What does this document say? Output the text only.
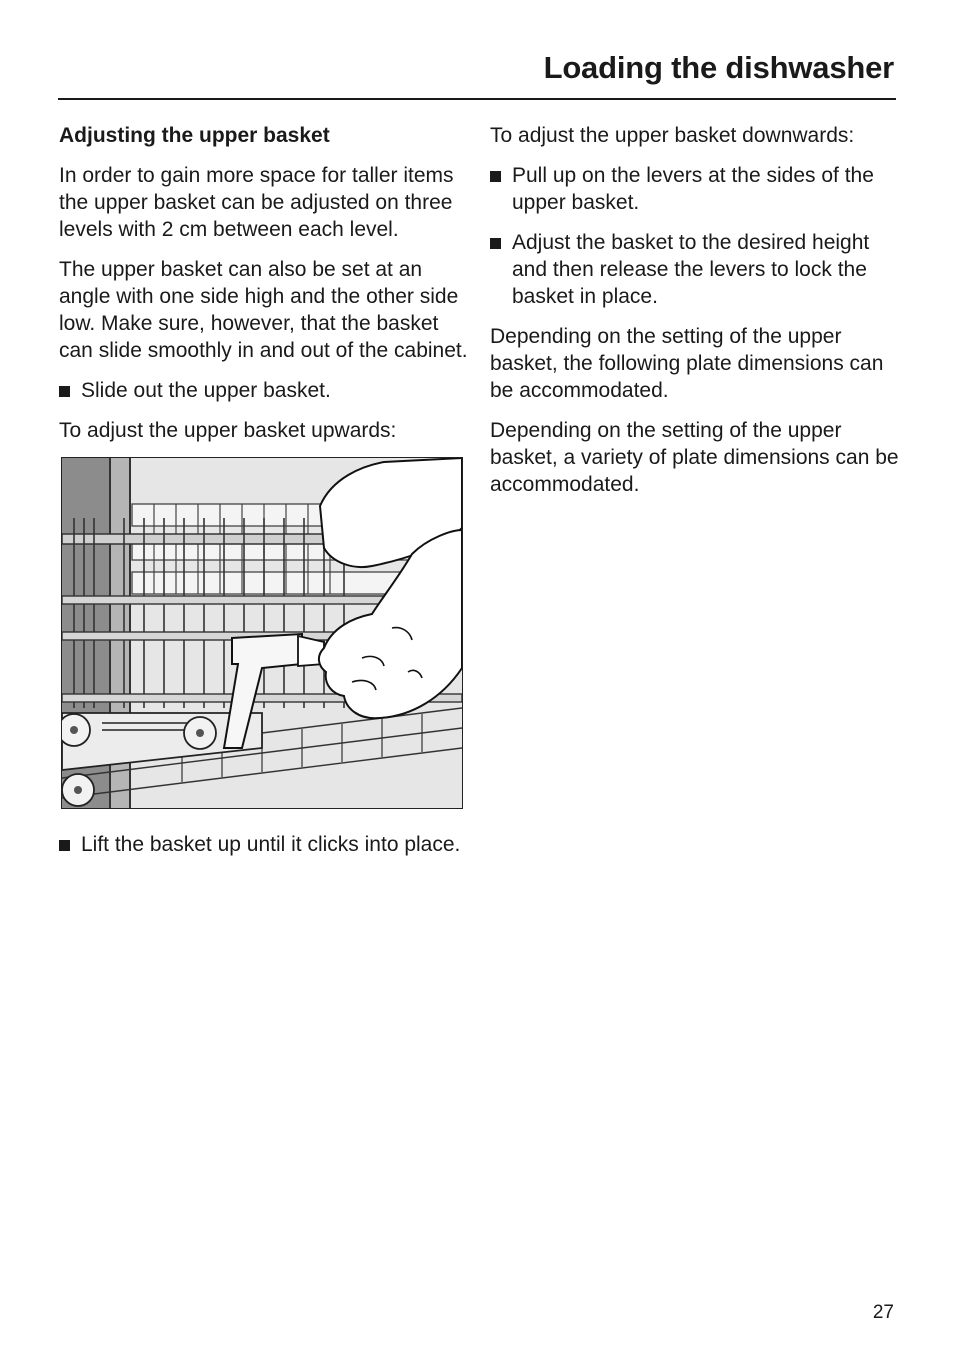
Loading the dishwasher
Adjusting the upper basket

In order to gain more space for taller items the upper basket can be adjusted on three levels with 2 cm between each level.

The upper basket can also be set at an angle with one side high and the other side low. Make sure, however, that the basket can slide smoothly in and out of the cabinet.

Slide out the upper basket.

To adjust the upper basket upwards:

Lift the basket up until it clicks into place.

To adjust the upper basket downwards:

Pull up on the levers at the sides of the upper basket.
Adjust the basket to the desired height and then release the levers to lock the basket in place.

Depending on the setting of the upper basket, the following plate dimensions can be accommodated.

Depending on the setting of the upper basket, a variety of plate dimensions can be accommodated.

27
